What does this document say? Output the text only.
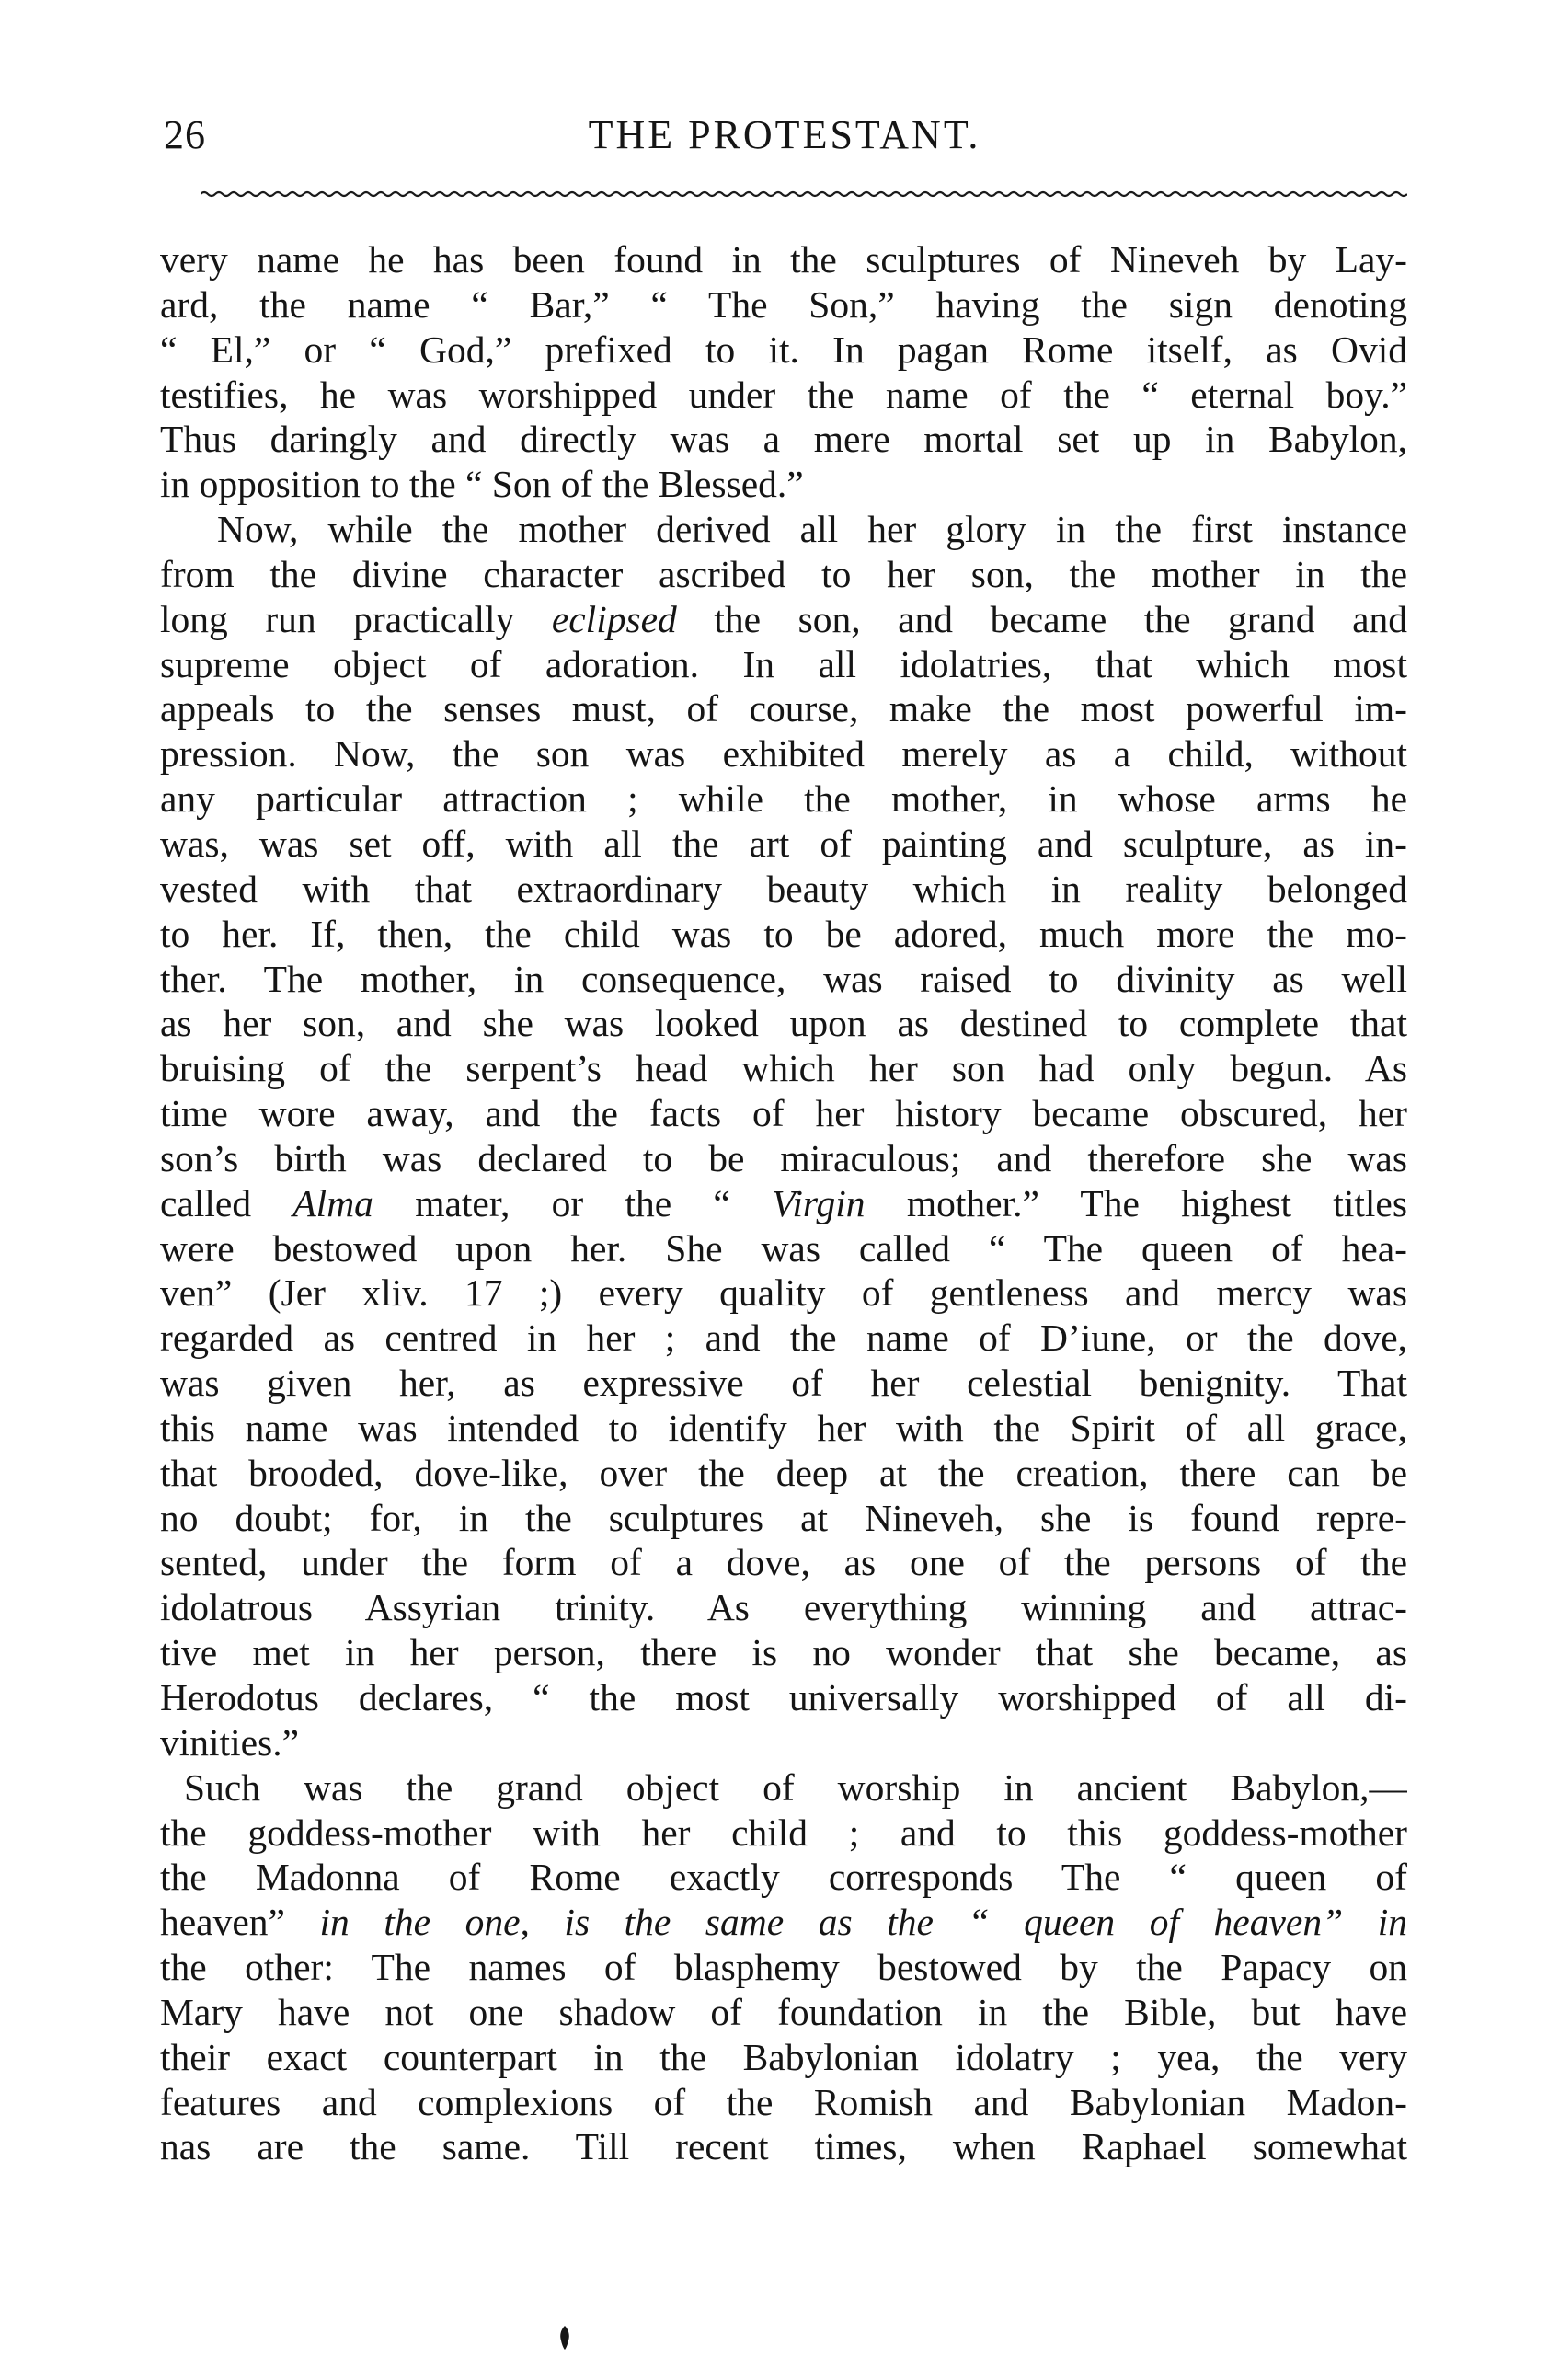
26	THE PROTESTANT.
very name he has been found in the sculptures of Nineveh by Lay-
ard, the name “ Bar,” “ The Son,” having the sign denoting
“ El,” or “ God,” prefixed to it. In pagan Rome itself, as Ovid
testifies, he was worshipped under the name of the “ eternal boy.”
Thus daringly and directly was a mere mortal set up in Babylon,
in opposition to the “ Son of the Blessed.”
Now, while the mother derived all her glory in the first instance
from the divine character ascribed to her son, the mother in the
long run practically eclipsed the son, and became the grand and
supreme object of adoration. In all idolatries, that which most
appeals to the senses must, of course, make the most powerful im-
pression. Now, the son was exhibited merely as a child, without
any particular attraction ; while the mother, in whose arms he
was, was set off, with all the art of painting and sculpture, as in-
vested with that extraordinary beauty which in reality belonged
to her. If, then, the child was to be adored, much more the mo-
ther. The mother, in consequence, was raised to divinity as well
as her son, and she was looked upon as destined to complete that
bruising of the serpent’s head which her son had only begun. As
time wore away, and the facts of her history became obscured, her
son’s birth was declared to be miraculous; and therefore she was
called Alma mater, or the “ Virgin mother.” The highest titles
were bestowed upon her. She was called “ The queen of hea-
ven” (Jer xliv. 17 ;) every quality of gentleness and mercy was
regarded as centred in her ; and the name of D’iune, or the dove,
was given her, as expressive of her celestial benignity. That
this name was intended to identify her with the Spirit of all grace,
that brooded, dove-like, over the deep at the creation, there can be
no doubt; for, in the sculptures at Nineveh, she is found repre-
sented, under the form of a dove, as one of the persons of the
idolatrous Assyrian trinity. As everything winning and attrac-
tive met in her person, there is no wonder that she became, as
Herodotus declares, “ the most universally worshipped of all di-
vinities.”
Such was the grand object of worship in ancient Babylon,—
the goddess-mother with her child ; and to this goddess-mother
the Madonna of Rome exactly corresponds The “ queen of
heaven” in the one, is the same as the “ queen of heaven” in
the other: The names of blasphemy bestowed by the Papacy on
Mary have not one shadow of foundation in the Bible, but have
their exact counterpart in the Babylonian idolatry ; yea, the very
features and complexions of the Romish and Babylonian Madon-
nas are the same. Till recent times, when Raphael somewhat
